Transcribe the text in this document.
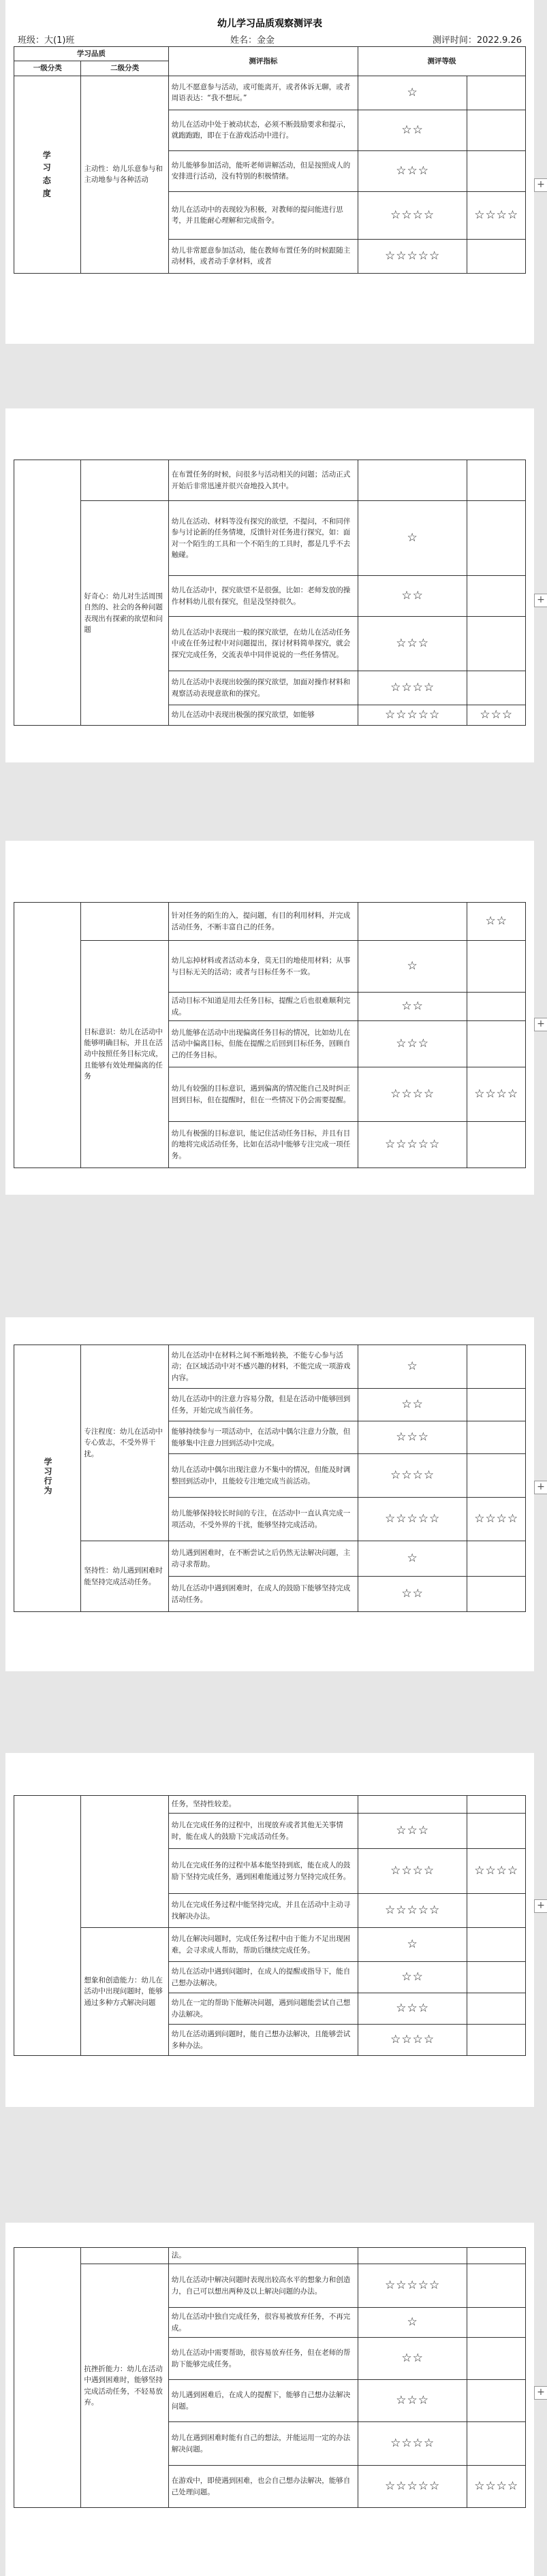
幼儿学习品质观察测评表
班级：大(1)班	姓名：金金	测评时间：2022.9.26
学习品质		测评指标	测评等级	
一级分类	二级分类			
学
习
态
度	主动性：幼儿乐意参与和主动地参与各种活动	幼儿不愿意参与活动，或可能离开，或者体诉无聊，或者周语表达：“我不想玩。”	☆	
		幼儿在活动中处于被动状态，必须不断鼓励要求和提示，就跑跑跑，即在于在游戏活动中进行。	☆☆	
		幼儿能够参加活动，能听老师讲解活动，但是按照成人的安排进行活动，没有特别的积极情绪。	☆☆☆	
		幼儿在活动中的表现较为积极，对教师的提问能进行思考，并且能耐心理解和完成指令。	☆☆☆☆	☆☆☆☆
		幼儿非常愿意参加活动，能在教师布置任务的时候跟随主动材料，或者动手拿材料，或者	☆☆☆☆☆	
+
		在布置任务的时候，问很多与活动相关的问题；活动正式开始后非常迅速并很兴奋地投入其中。		
	好奇心：幼儿对生活周围自然的、社会的各种问题表现出有探索的欲望和问题	幼儿在活动、材料等没有探究的欲望，不提问，不和同伴参与讨论新的任务情境，反馈针对任务进行探究，如：面对一个陌生的工具和一个不陌生的工具时，都是几乎不去触碰。	☆	
		幼儿在活动中，探究欲望不是很强，比如：老师发放的操作材料幼儿很有探究，但是没坚持很久。	☆☆	
		幼儿在活动中表现出一般的探究欲望，在幼儿在活动任务中或在任务过程中对问题提出，探讨材料简单探究，就会探究完成任务，交流表单中同伴说说的一些任务情况。	☆☆☆	
		幼儿在活动中表现出较强的探究欲望，加面对操作材料和观察活动表现意欲和的探究。	☆☆☆☆	
		幼儿在活动中表现出极强的探究欲望，如能够	☆☆☆☆☆	☆☆☆
+
		针对任务的陌生的入，提问题，有目的利用材料，并完成活动任务，不断丰富自己的任务。		☆☆
	目标意识：幼儿在活动中能够明确目标，并且在活动中按照任务目标完成，且能够有效处理偏离的任务	幼儿忘掉材料或者活动本身，莫无目的地使用材料；从事与目标无关的活动；或者与目标任务不一致。	☆	
		活动目标不知道是用去任务目标，提醒之后也很难顺利完成。	☆☆	
		幼儿能够在活动中出现偏离任务目标的情况，比如幼儿在活动中偏离目标，但能在提醒之后回到目标任务，回顾自己的任务目标。	☆☆☆	
		幼儿有较强的目标意识，遇到偏离的情况能自己及时纠正回到目标，但在提醒时，但在一些情况下仍会需要提醒。	☆☆☆☆	☆☆☆☆
		幼儿有极强的目标意识，能记住活动任务目标，并且有目的地将完成活动任务，比如在活动中能够专注完成一项任务。	☆☆☆☆☆	
+
学习行为	专注程度：幼儿在活动中专心致志，不受外界干扰。	幼儿在活动中在材料之间不断地转换，不能专心参与活动；在区域活动中对不感兴趣的材料，不能完成一项游戏内容。	☆	
		幼儿在活动中的注意力容易分散，但是在活动中能够回到任务，开始完成当前任务。	☆☆	
		能够持续参与一项活动中，在活动中偶尔注意力分散，但能够集中注意力回到活动中完成。	☆☆☆	
		幼儿在活动中偶尔出现注意力不集中的情况，但能及时调整回到活动中，且能较专注地完成当前活动。	☆☆☆☆	
		幼儿能够保持较长时间的专注，在活动中一直认真完成一项活动，不受外界的干扰，能够坚持完成活动。	☆☆☆☆☆	☆☆☆☆
	坚持性：幼儿遇到困难时能坚持完成活动任务。	幼儿遇到困难时，在不断尝试之后仍然无法解决问题，主动寻求帮助。	☆	
		幼儿在活动中遇到困难时，在成人的鼓励下能够坚持完成活动任务。	☆☆	
+
		任务，坚持性较差。		
		幼儿在完成任务的过程中，出现放弃或者其他无关事情时，能在成人的鼓励下完成活动任务。	☆☆☆	
		幼儿在完成任务的过程中基本能坚持到底，能在成人的鼓励下坚持完成任务，遇到困难能通过努力坚持完成任务。	☆☆☆☆	☆☆☆☆
		幼儿在完成任务过程中能坚持完成，并且在活动中主动寻找解决办法。	☆☆☆☆☆	
	想象和创造能力：幼儿在活动中出现问题时，能够通过多种方式解决问题	幼儿在解决问题时，完成任务过程中由于能力不足出现困难，会寻求成人帮助，帮助后继续完成任务。	☆	
		幼儿在活动中遇到问题时，在成人的提醒或指导下，能自己想办法解决。	☆☆	
		幼儿在一定的帮助下能解决问题，遇到问题能尝试自己想办法解决。	☆☆☆	
		幼儿在活动遇到问题时，能自己想办法解决，且能够尝试多种办法。	☆☆☆☆	
+
		法。		
	抗挫折能力：幼儿在活动中遇到困难时，能够坚持完成活动任务，不轻易放弃。	幼儿在活动中解决问题时表现出较高水平的想象力和创造力，自己可以想出两种及以上解决问题的办法。	☆☆☆☆☆	
		幼儿在活动中独自完成任务，很容易被放弃任务，不再完成。	☆	
		幼儿在活动中需要帮助，很容易放弃任务，但在老师的帮助下能够完成任务。	☆☆	
		幼儿遇到困难后，在成人的提醒下，能够自己想办法解决问题。	☆☆☆	
		幼儿在遇到困难时能有自己的想法，并能运用一定的办法解决问题。	☆☆☆☆	
		在游戏中，即使遇到困难，也会自己想办法解决，能够自己处理问题。	☆☆☆☆☆	☆☆☆☆
+
